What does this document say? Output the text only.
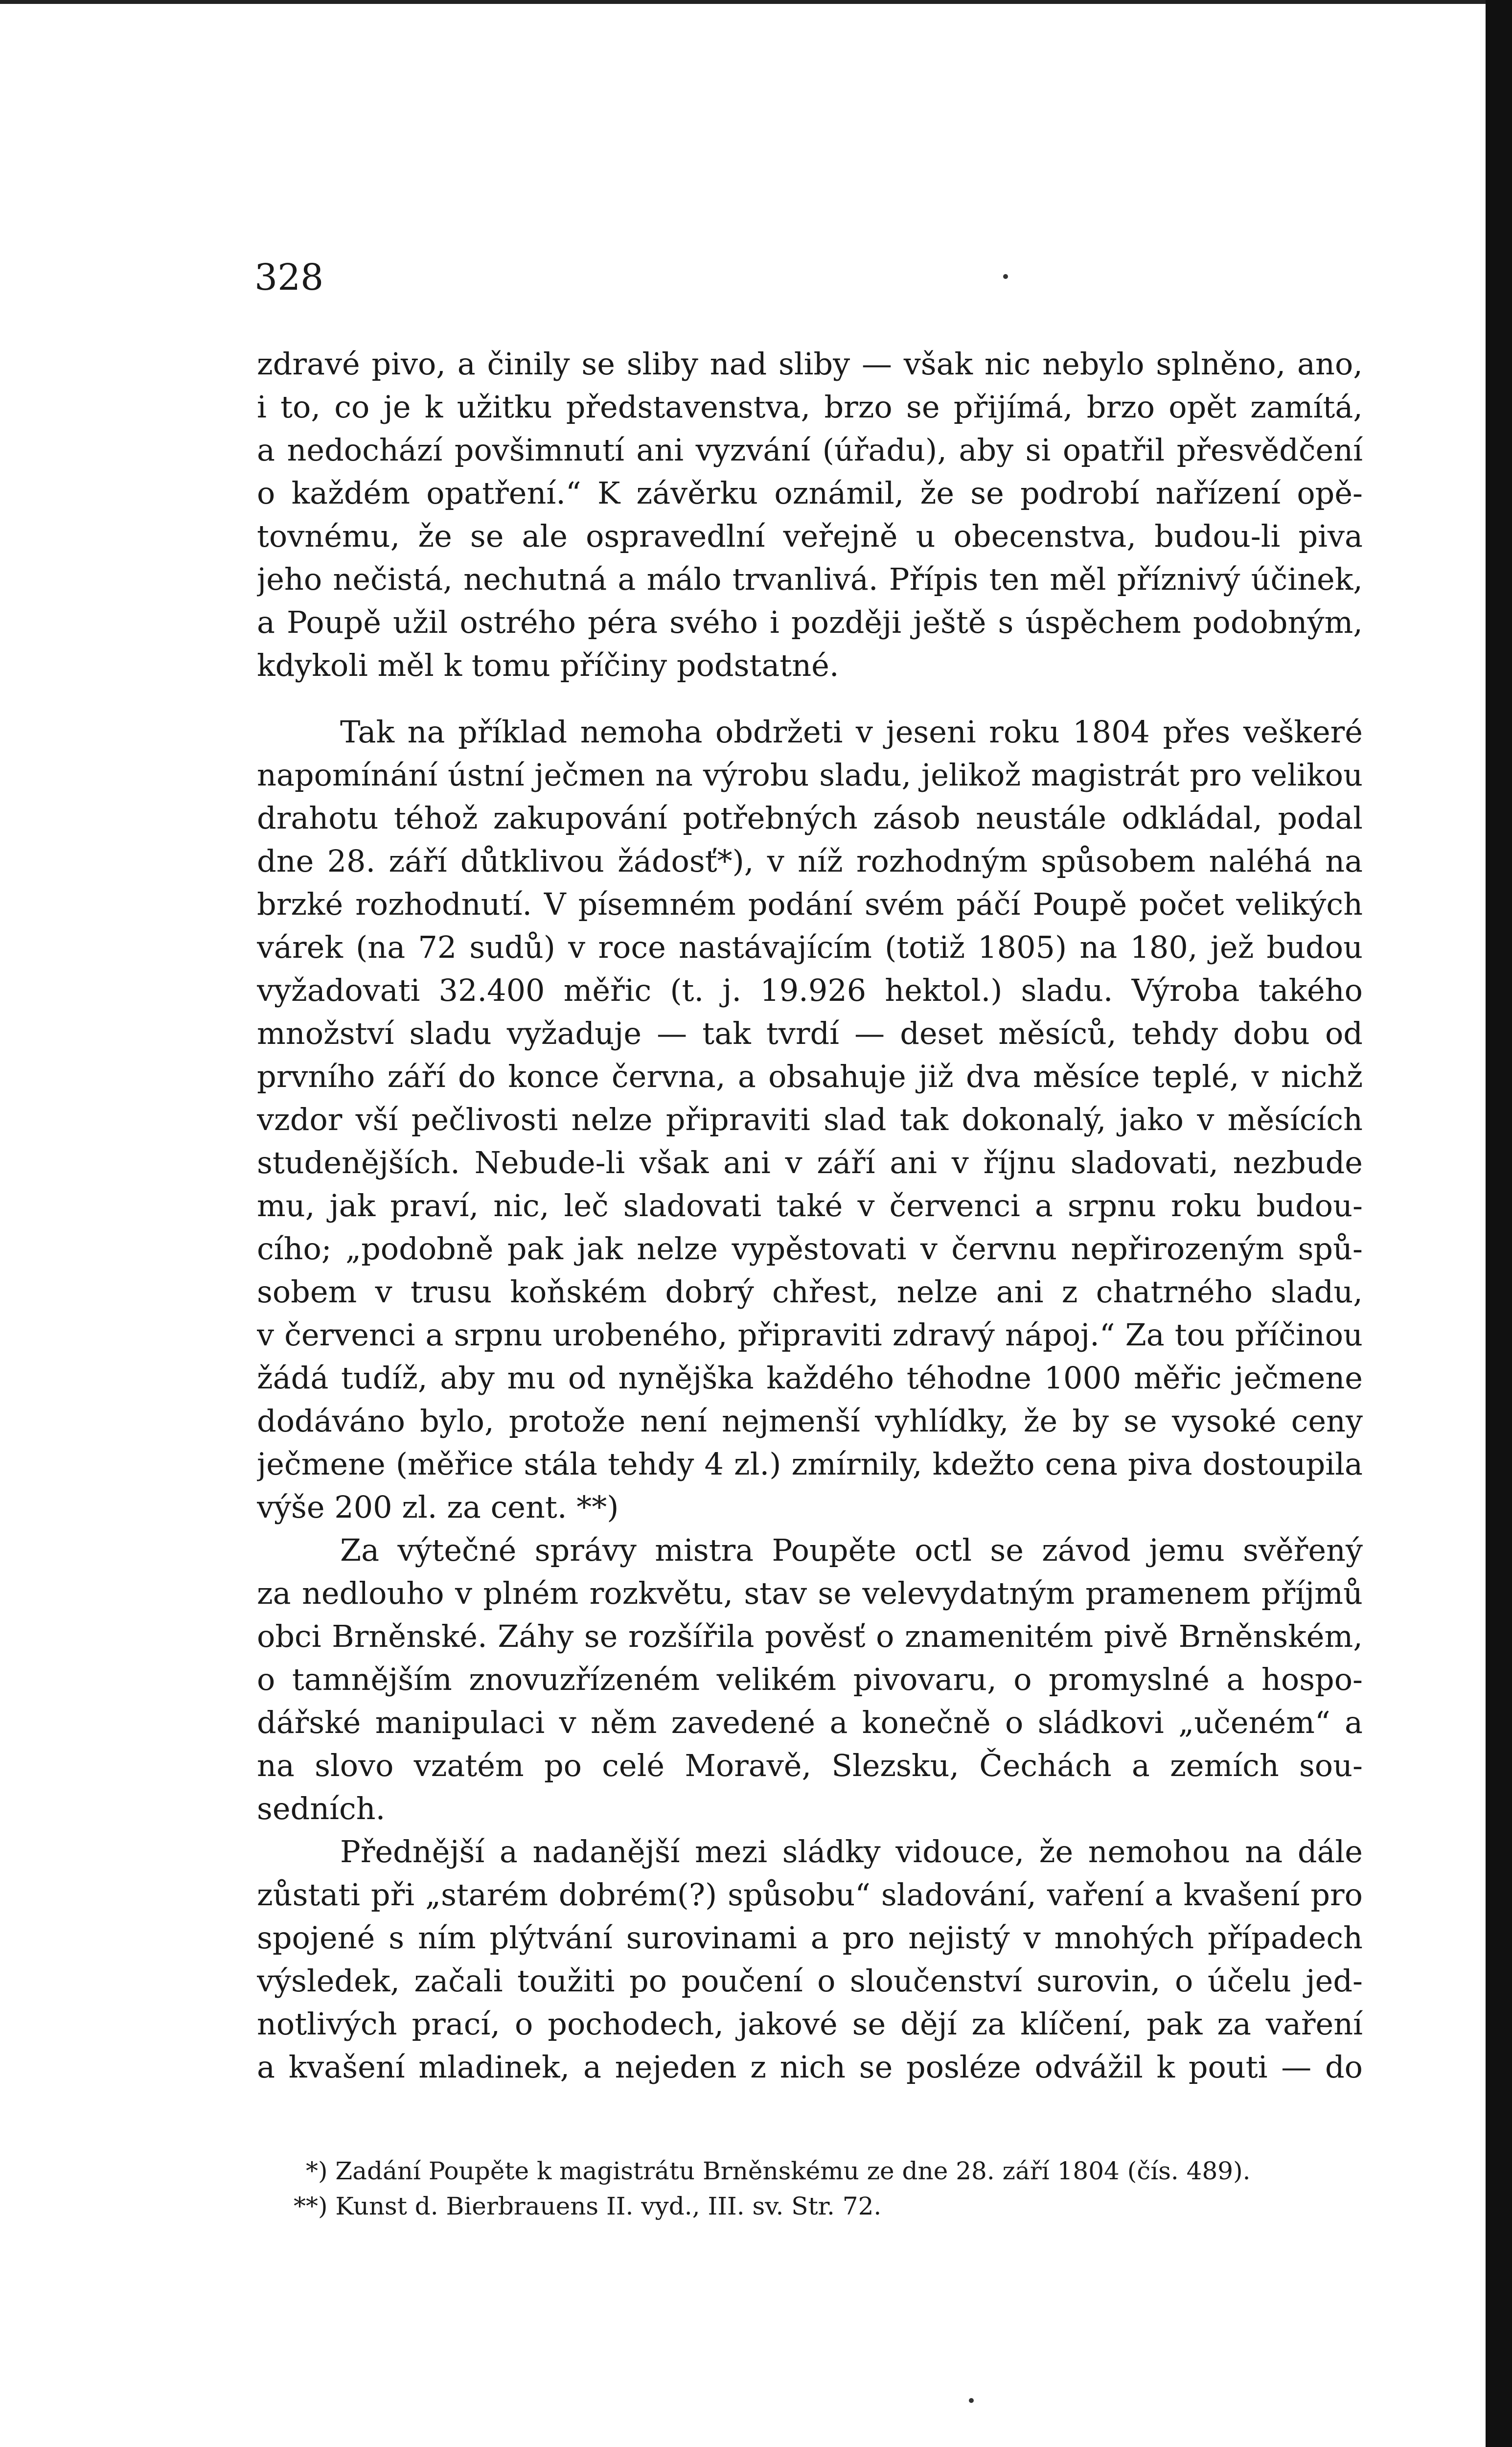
328
zdravé pivo, a činily se sliby nad sliby — však nic nebylo splněno, ano,
i to, co je k užitku představenstva, brzo se přijímá, brzo opět zamítá,
a nedochází povšimnutí ani vyzvání (úřadu), aby si opatřil přesvědčení
o každém opatření.“ K závěrku oznámil, že se podrobí nařízení opě-
tovnému, že se ale ospravedlní veřejně u obecenstva, budou-li piva
jeho nečistá, nechutná a málo trvanlivá. Přípis ten měl příznivý účinek,
a Poupě užil ostrého péra svého i později ještě s úspěchem podobným,
kdykoli měl k tomu příčiny podstatné.
Tak na příklad nemoha obdržeti v jeseni roku 1804 přes veškeré
napomínání ústní ječmen na výrobu sladu, jelikož magistrát pro velikou
drahotu téhož zakupování potřebných zásob neustále odkládal, podal
dne 28. září důtklivou žádosť*), v níž rozhodným spůsobem naléhá na
brzké rozhodnutí. V písemném podání svém páčí Poupě počet velikých
várek (na 72 sudů) v roce nastávajícím (totiž 1805) na 180, jež budou
vyžadovati 32.400 měřic (t. j. 19.926 hektol.) sladu. Výroba takého
množství sladu vyžaduje — tak tvrdí — deset měsíců, tehdy dobu od
prvního září do konce června, a obsahuje již dva měsíce teplé, v nichž
vzdor vší pečlivosti nelze připraviti slad tak dokonalý, jako v měsících
studenějších. Nebude-li však ani v září ani v říjnu sladovati, nezbude
mu, jak praví, nic, leč sladovati také v červenci a srpnu roku budou-
cího; „podobně pak jak nelze vypěstovati v červnu nepřirozeným spů-
sobem v trusu koňském dobrý chřest, nelze ani z chatrného sladu,
v červenci a srpnu urobeného, připraviti zdravý nápoj.“ Za tou příčinou
žádá tudíž, aby mu od nynějška každého téhodne 1000 měřic ječmene
dodáváno bylo, protože není nejmenší vyhlídky, že by se vysoké ceny
ječmene (měřice stála tehdy 4 zl.) zmírnily, kdežto cena piva dostoupila
výše 200 zl. za cent. **)
Za výtečné správy mistra Poupěte octl se závod jemu svěřený
za nedlouho v plném rozkvětu, stav se velevydatným pramenem příjmů
obci Brněnské. Záhy se rozšířila pověsť o znamenitém pivě Brněnském,
o tamnějším znovuzřízeném velikém pivovaru, o promyslné a hospo-
dářské manipulaci v něm zavedené a konečně o sládkovi „učeném“ a
na slovo vzatém po celé Moravě, Slezsku, Čechách a zemích sou-
sedních.
Přednější a nadanější mezi sládky vidouce, že nemohou na dále
zůstati při „starém dobrém(?) spůsobu“ sladování, vaření a kvašení pro
spojené s ním plýtvání surovinami a pro nejistý v mnohých případech
výsledek, začali toužiti po poučení o sloučenství surovin, o účelu jed-
notlivých prací, o pochodech, jakové se dějí za klíčení, pak za vaření
a kvašení mladinek, a nejeden z nich se posléze odvážil k pouti — do
*) Zadání Poupěte k magistrátu Brněnskému ze dne 28. září 1804 (čís. 489).
**) Kunst d. Bierbrauens II. vyd., III. sv. Str. 72.
